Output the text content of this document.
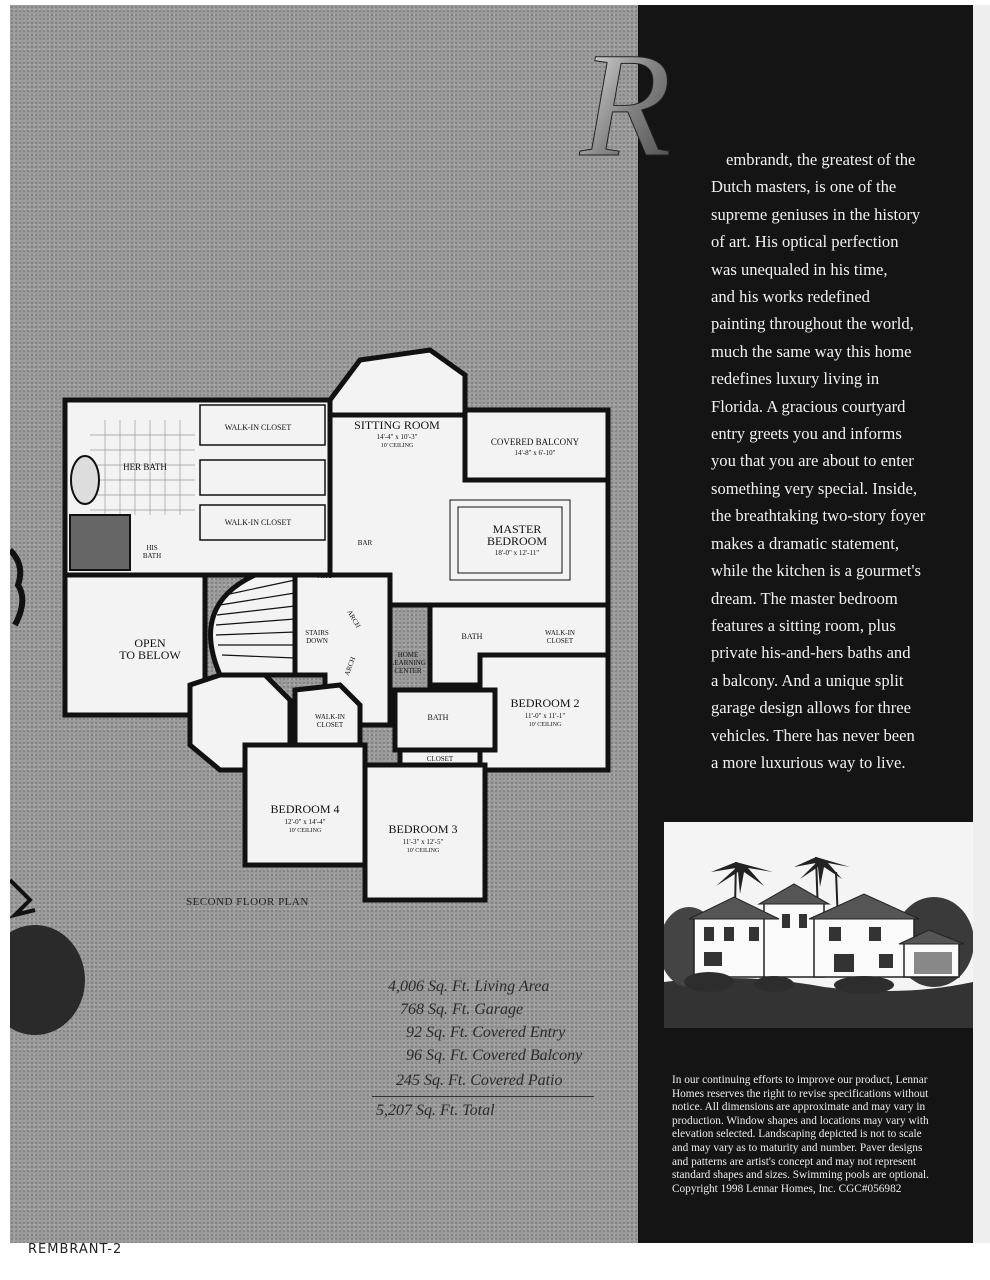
WALK-IN CLOSET
HER BATH
WALK-IN CLOSET
HIS
BATH
SITTING ROOM
14'-4" x 10'-3"
10' CEILING	COVERED BALCONY
14'-8" x 6'-10"
MASTER
BEDROOM
18'-0" x 12'-11"
BAR
AHU
ARCH
ARCH
STAIRS
DOWN
OPEN
TO BELOW
BATH	WALK-IN
CLOSET
HOME
LEARNING
CENTER
BEDROOM 2
11'-0" x 11'-1"
10' CEILING
BATH
CLOSET
WALK-IN
CLOSET
BEDROOM 4
12'-0" x 14'-4"
10' CEILING	BEDROOM 3
11'-3" x 12'-5"
10' CEILING
SECOND FLOOR PLAN
4,006 Sq. Ft. Living Area
768 Sq. Ft. Garage
92 Sq. Ft. Covered Entry
96 Sq. Ft. Covered Balcony
245 Sq. Ft. Covered Patio
5,207 Sq. Ft. Total
R	embrandt, the greatest of the
Dutch masters, is one of the
supreme geniuses in the history
of art. His optical perfection
was unequaled in his time,
and his works redefined
painting throughout the world,
much the same way this home
redefines luxury living in
Florida. A gracious courtyard
entry greets you and informs
you that you are about to enter
something very special. Inside,
the breathtaking two-story foyer
makes a dramatic statement,
while the kitchen is a gourmet's
dream. The master bedroom
features a sitting room, plus
private his-and-hers baths and
a balcony. And a unique split
garage design allows for three
vehicles. There has never been
a more luxurious way to live.
In our continuing efforts to improve our product, Lennar
Homes reserves the right to revise specifications without
notice. All dimensions are approximate and may vary in
production. Window shapes and locations may vary with
elevation selected. Landscaping depicted is not to scale
and may vary as to maturity and number. Paver designs
and patterns are artist's concept and may not represent
standard shapes and sizes. Swimming pools are optional.
Copyright 1998 Lennar Homes, Inc. CGC#056982
REMBRANT-2
